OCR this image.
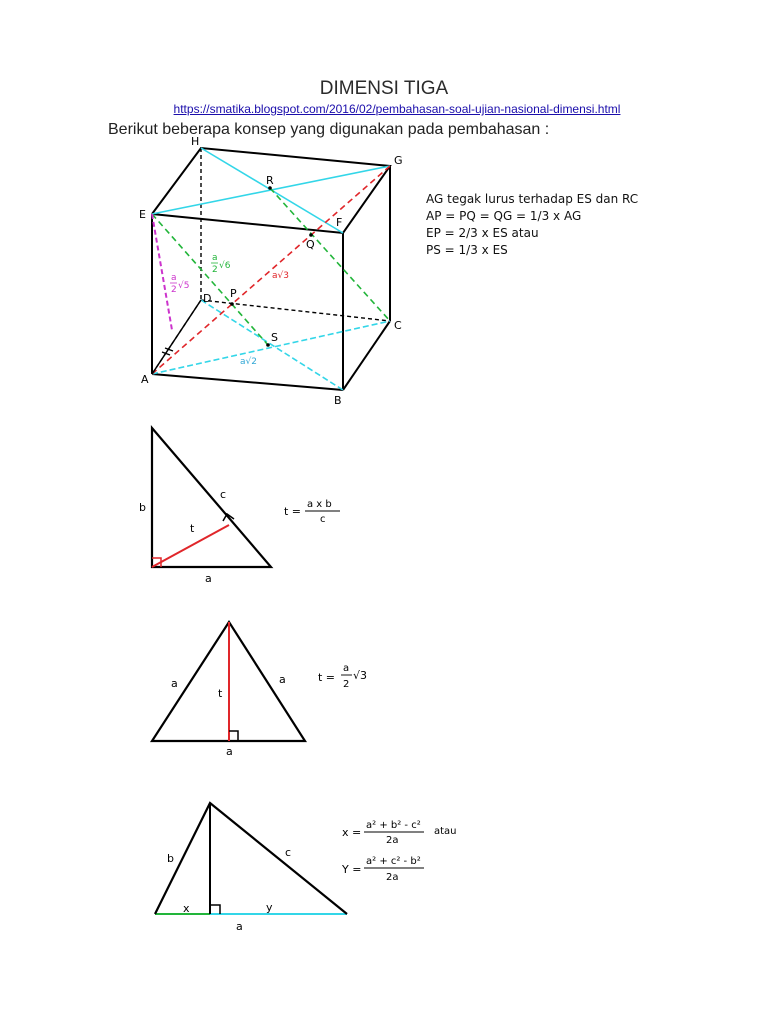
DIMENSI TIGA
https://smatika.blogspot.com/2016/02/pembahasan-soal-ujian-nasional-dimensi.html
Berikut beberapa konsep yang digunakan pada pembahasan :
H
G
E
F
R
Q
D P
C
S
A
B
a
2 √5
a
2 √6
a√3
a√2
AG tegak lurus terhadap ES dan RC
AP = PQ = QG = 1/3 x AG
EP = 2/3 x ES atau
PS = 1/3 x ES
b
c
t
a
t =
a x b
c
a	a
t
a
t =
a
2
√3
b	c
x	y
a
x =
a² + b² - c²
2a
atau
Y =
a² + c² - b²
2a
